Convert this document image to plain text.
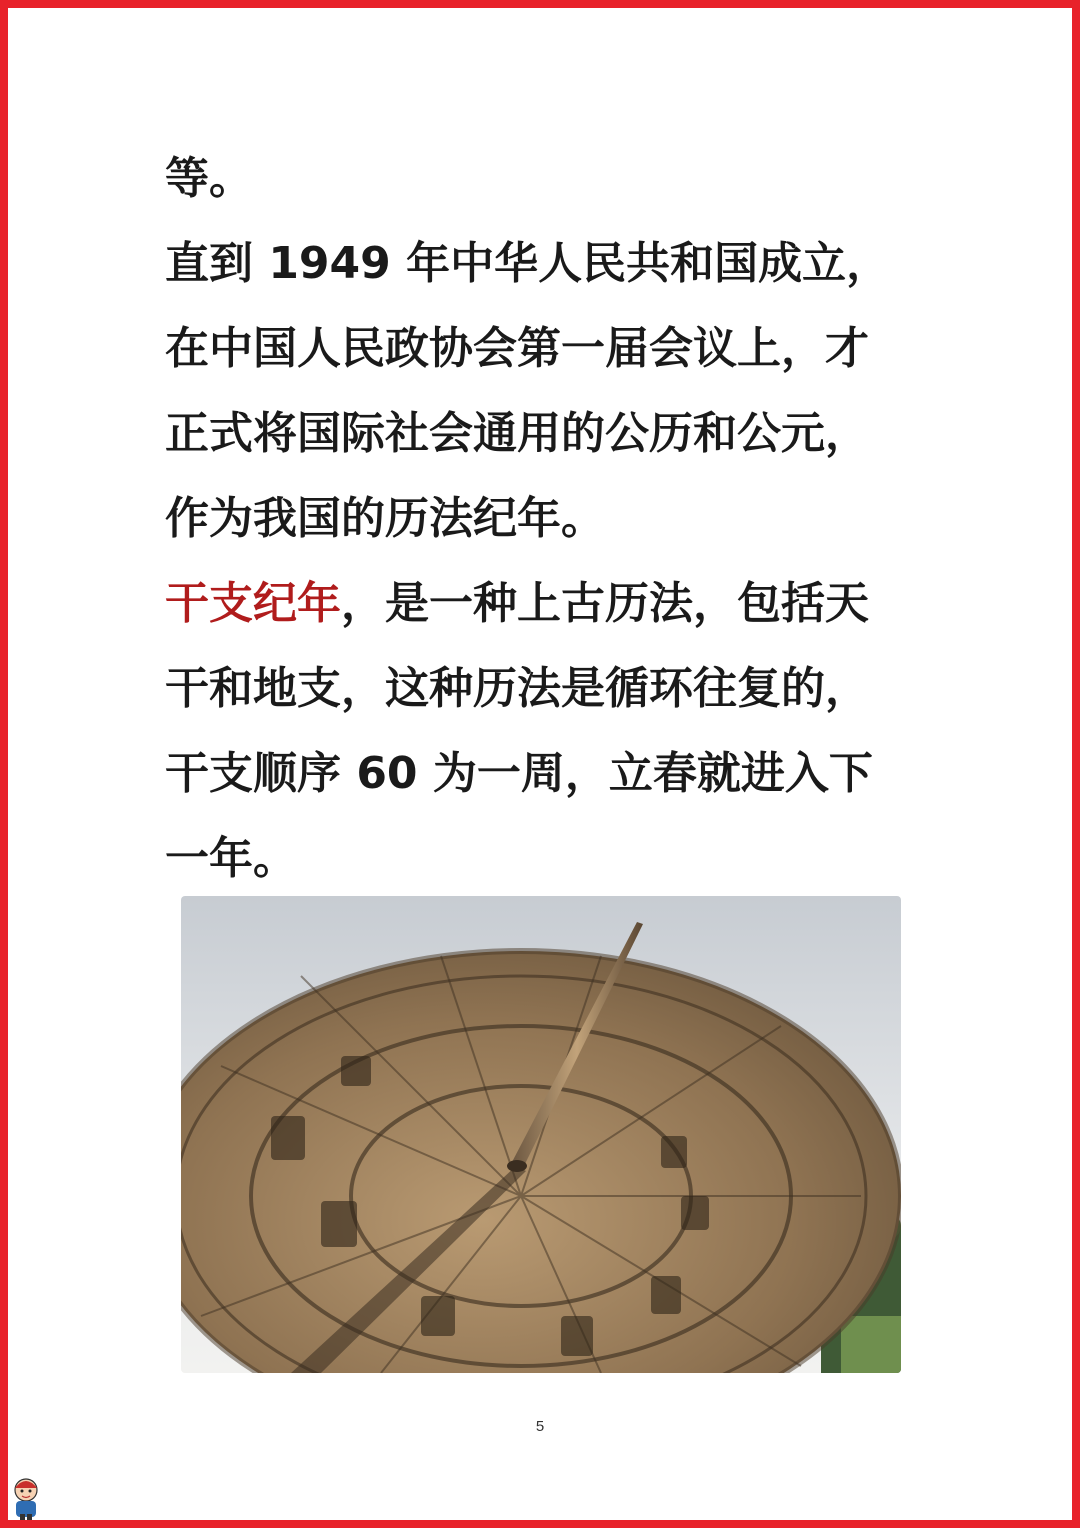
等。
直到 1949 年中华人民共和国成立，
在中国人民政协会第一届会议上，才
正式将国际社会通用的公历和公元，
作为我国的历法纪年。
干支纪年，是一种上古历法，包括天
干和地支，这种历法是循环往复的，
干支顺序 60 为一周，立春就进入下
一年。
5
